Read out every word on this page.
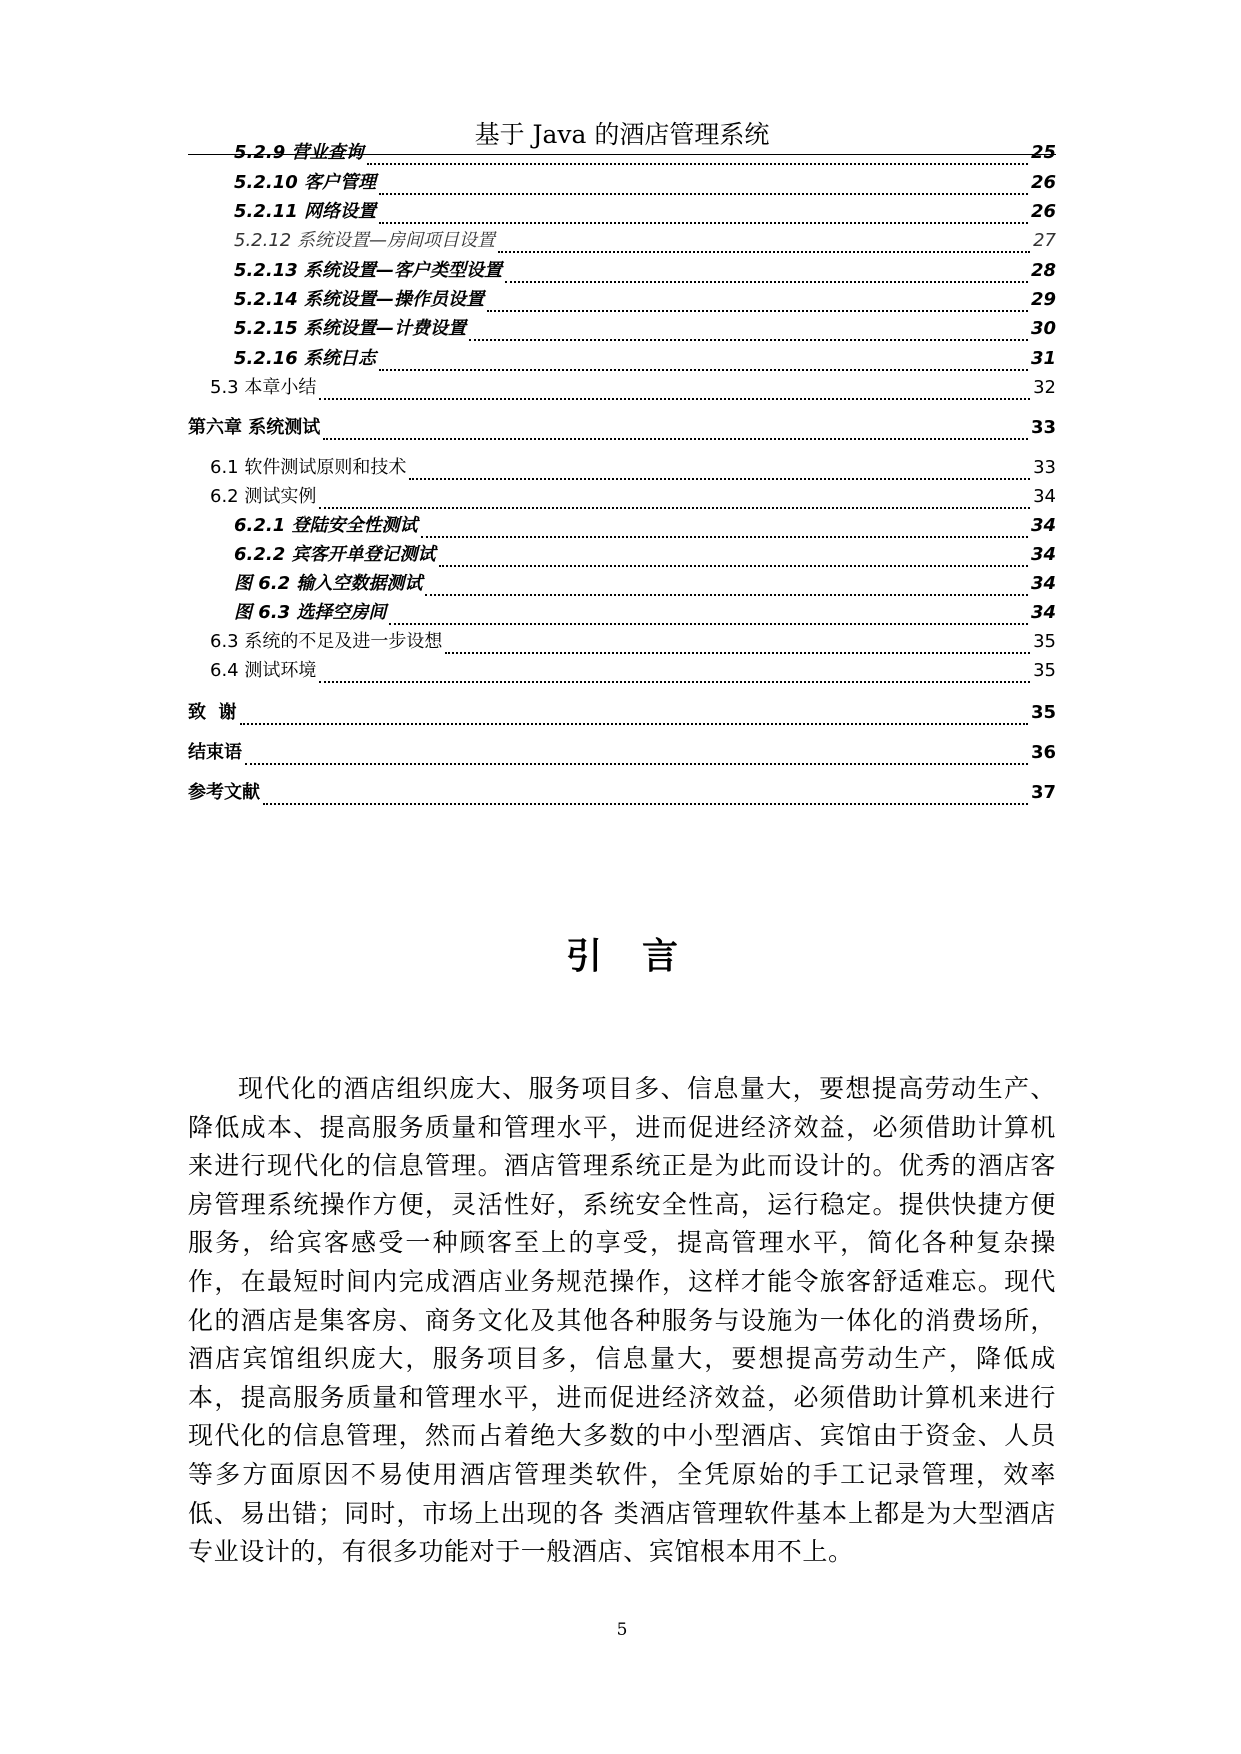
基于 Java 的酒店管理系统
5.2.9 营业查询	25
5.2.10 客户管理	26
5.2.11 网络设置	26
5.2.12 系统设置—房间项目设置	27
5.2.13 系统设置—客户类型设置	28
5.2.14 系统设置—操作员设置	29
5.2.15 系统设置—计费设置	30
5.2.16 系统日志	31
5.3 本章小结	32
第六章 系统测试	33
6.1 软件测试原则和技术	33
6.2 测试实例	34
6.2.1 登陆安全性测试	34
6.2.2 宾客开单登记测试	34
图 6.2 输入空数据测试	34
图 6.3 选择空房间	34
6.3 系统的不足及进一步设想	35
6.4 测试环境	35
致  谢	35
结束语	36
参考文献	37
引言
现代化的酒店组织庞大、服务项目多、信息量大，要想提高劳动生产、降低成本、提高服务质量和管理水平，进而促进经济效益，必须借助计算机来进行现代化的信息管理。酒店管理系统正是为此而设计的。优秀的酒店客房管理系统操作方便，灵活性好，系统安全性高，运行稳定。提供快捷方便服务，给宾客感受一种顾客至上的享受，提高管理水平，简化各种复杂操作，在最短时间内完成酒店业务规范操作，这样才能令旅客舒适难忘。现代化的酒店是集客房、商务文化及其他各种服务与设施为一体化的消费场所，酒店宾馆组织庞大，服务项目多，信息量大，要想提高劳动生产，降低成本，提高服务质量和管理水平，进而促进经济效益，必须借助计算机来进行现代化的信息管理，然而占着绝大多数的中小型酒店、宾馆由于资金、人员等多方面原因不易使用酒店管理类软件，全凭原始的手工记录管理，效率低、易出错；同时，市场上出现的各 类酒店管理软件基本上都是为大型酒店专业设计的，有很多功能对于一般酒店、宾馆根本用不上。
5
